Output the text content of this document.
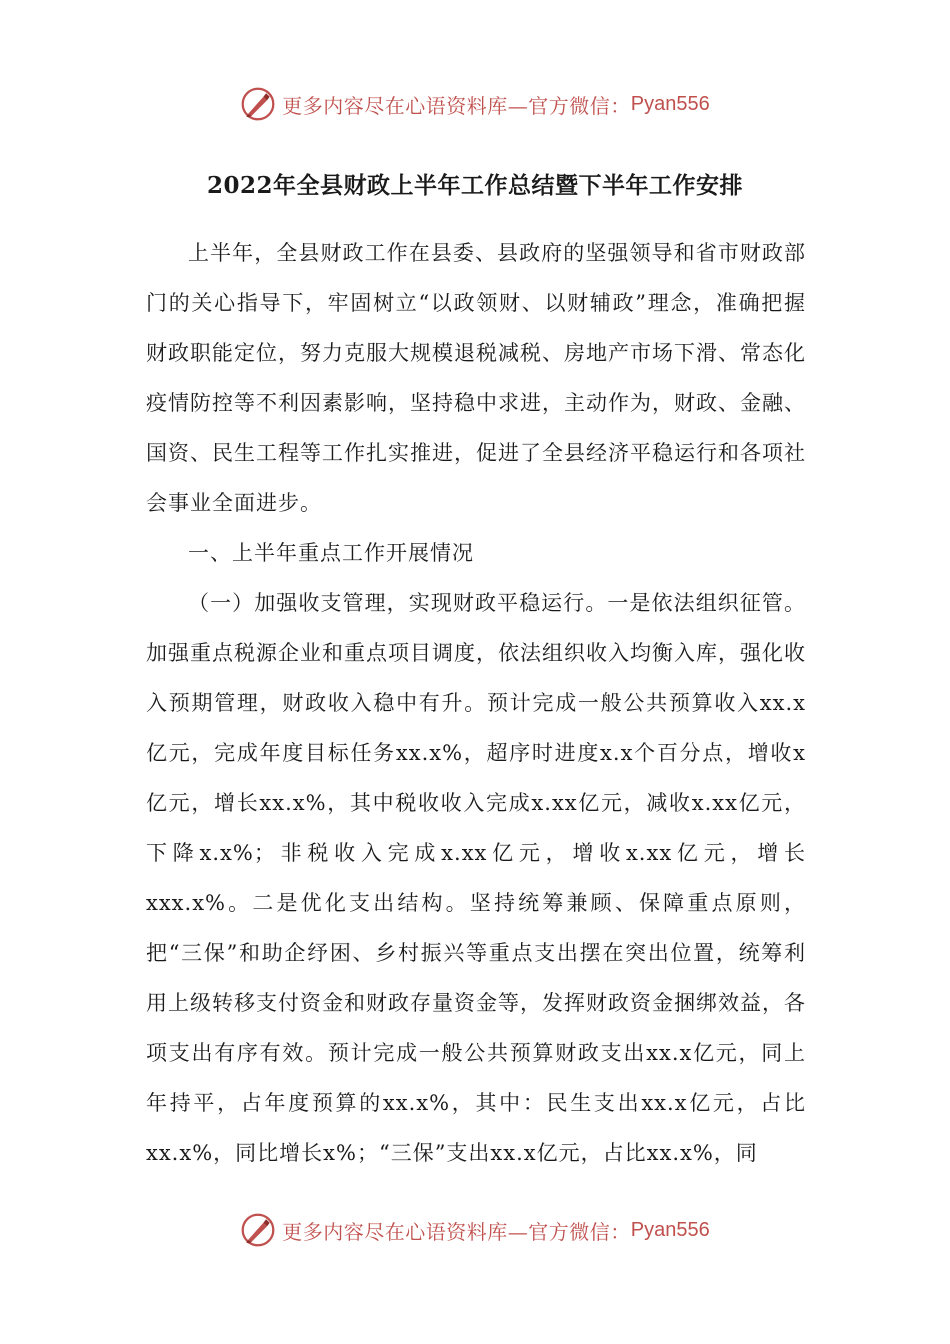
更多内容尽在心语资料库—官方微信： Pyan556
2022年全县财政上半年工作总结暨下半年工作安排

上半年，全县财政工作在县委、县政府的坚强领导和省市财政部门的关心指导下，牢固树立“以政领财、以财辅政”理念，准确把握财政职能定位，努力克服大规模退税减税、房地产市场下滑、常态化疫情防控等不利因素影响，坚持稳中求进，主动作为，财政、金融、国资、民生工程等工作扎实推进，促进了全县经济平稳运行和各项社会事业全面进步。

一、上半年重点工作开展情况

（一）加强收支管理，实现财政平稳运行。一是依法组织征管。加强重点税源企业和重点项目调度，依法组织收入均衡入库，强化收入预期管理，财政收入稳中有升。预计完成一般公共预算收入xx.x亿元，完成年度目标任务xx.x%，超序时进度x.x个百分点，增收x亿元，增长xx.x%，其中税收收入完成x.xx亿元，减收x.xx亿元，下降x.x%；非税收入完成x.xx亿元，增收x.xx亿元，增长xxx.x%。二是优化支出结构。坚持统筹兼顾、保障重点原则，把“三保”和助企纾困、乡村振兴等重点支出摆在突出位置，统筹利用上级转移支付资金和财政存量资金等，发挥财政资金捆绑效益，各项支出有序有效。预计完成一般公共预算财政支出xx.x亿元，同上年持平，占年度预算的xx.x%，其中：民生支出xx.x亿元，占比xx.x%，同比增长x%；“三保”支出xx.x亿元，占比xx.x%，同

更多内容尽在心语资料库—官方微信： Pyan556
